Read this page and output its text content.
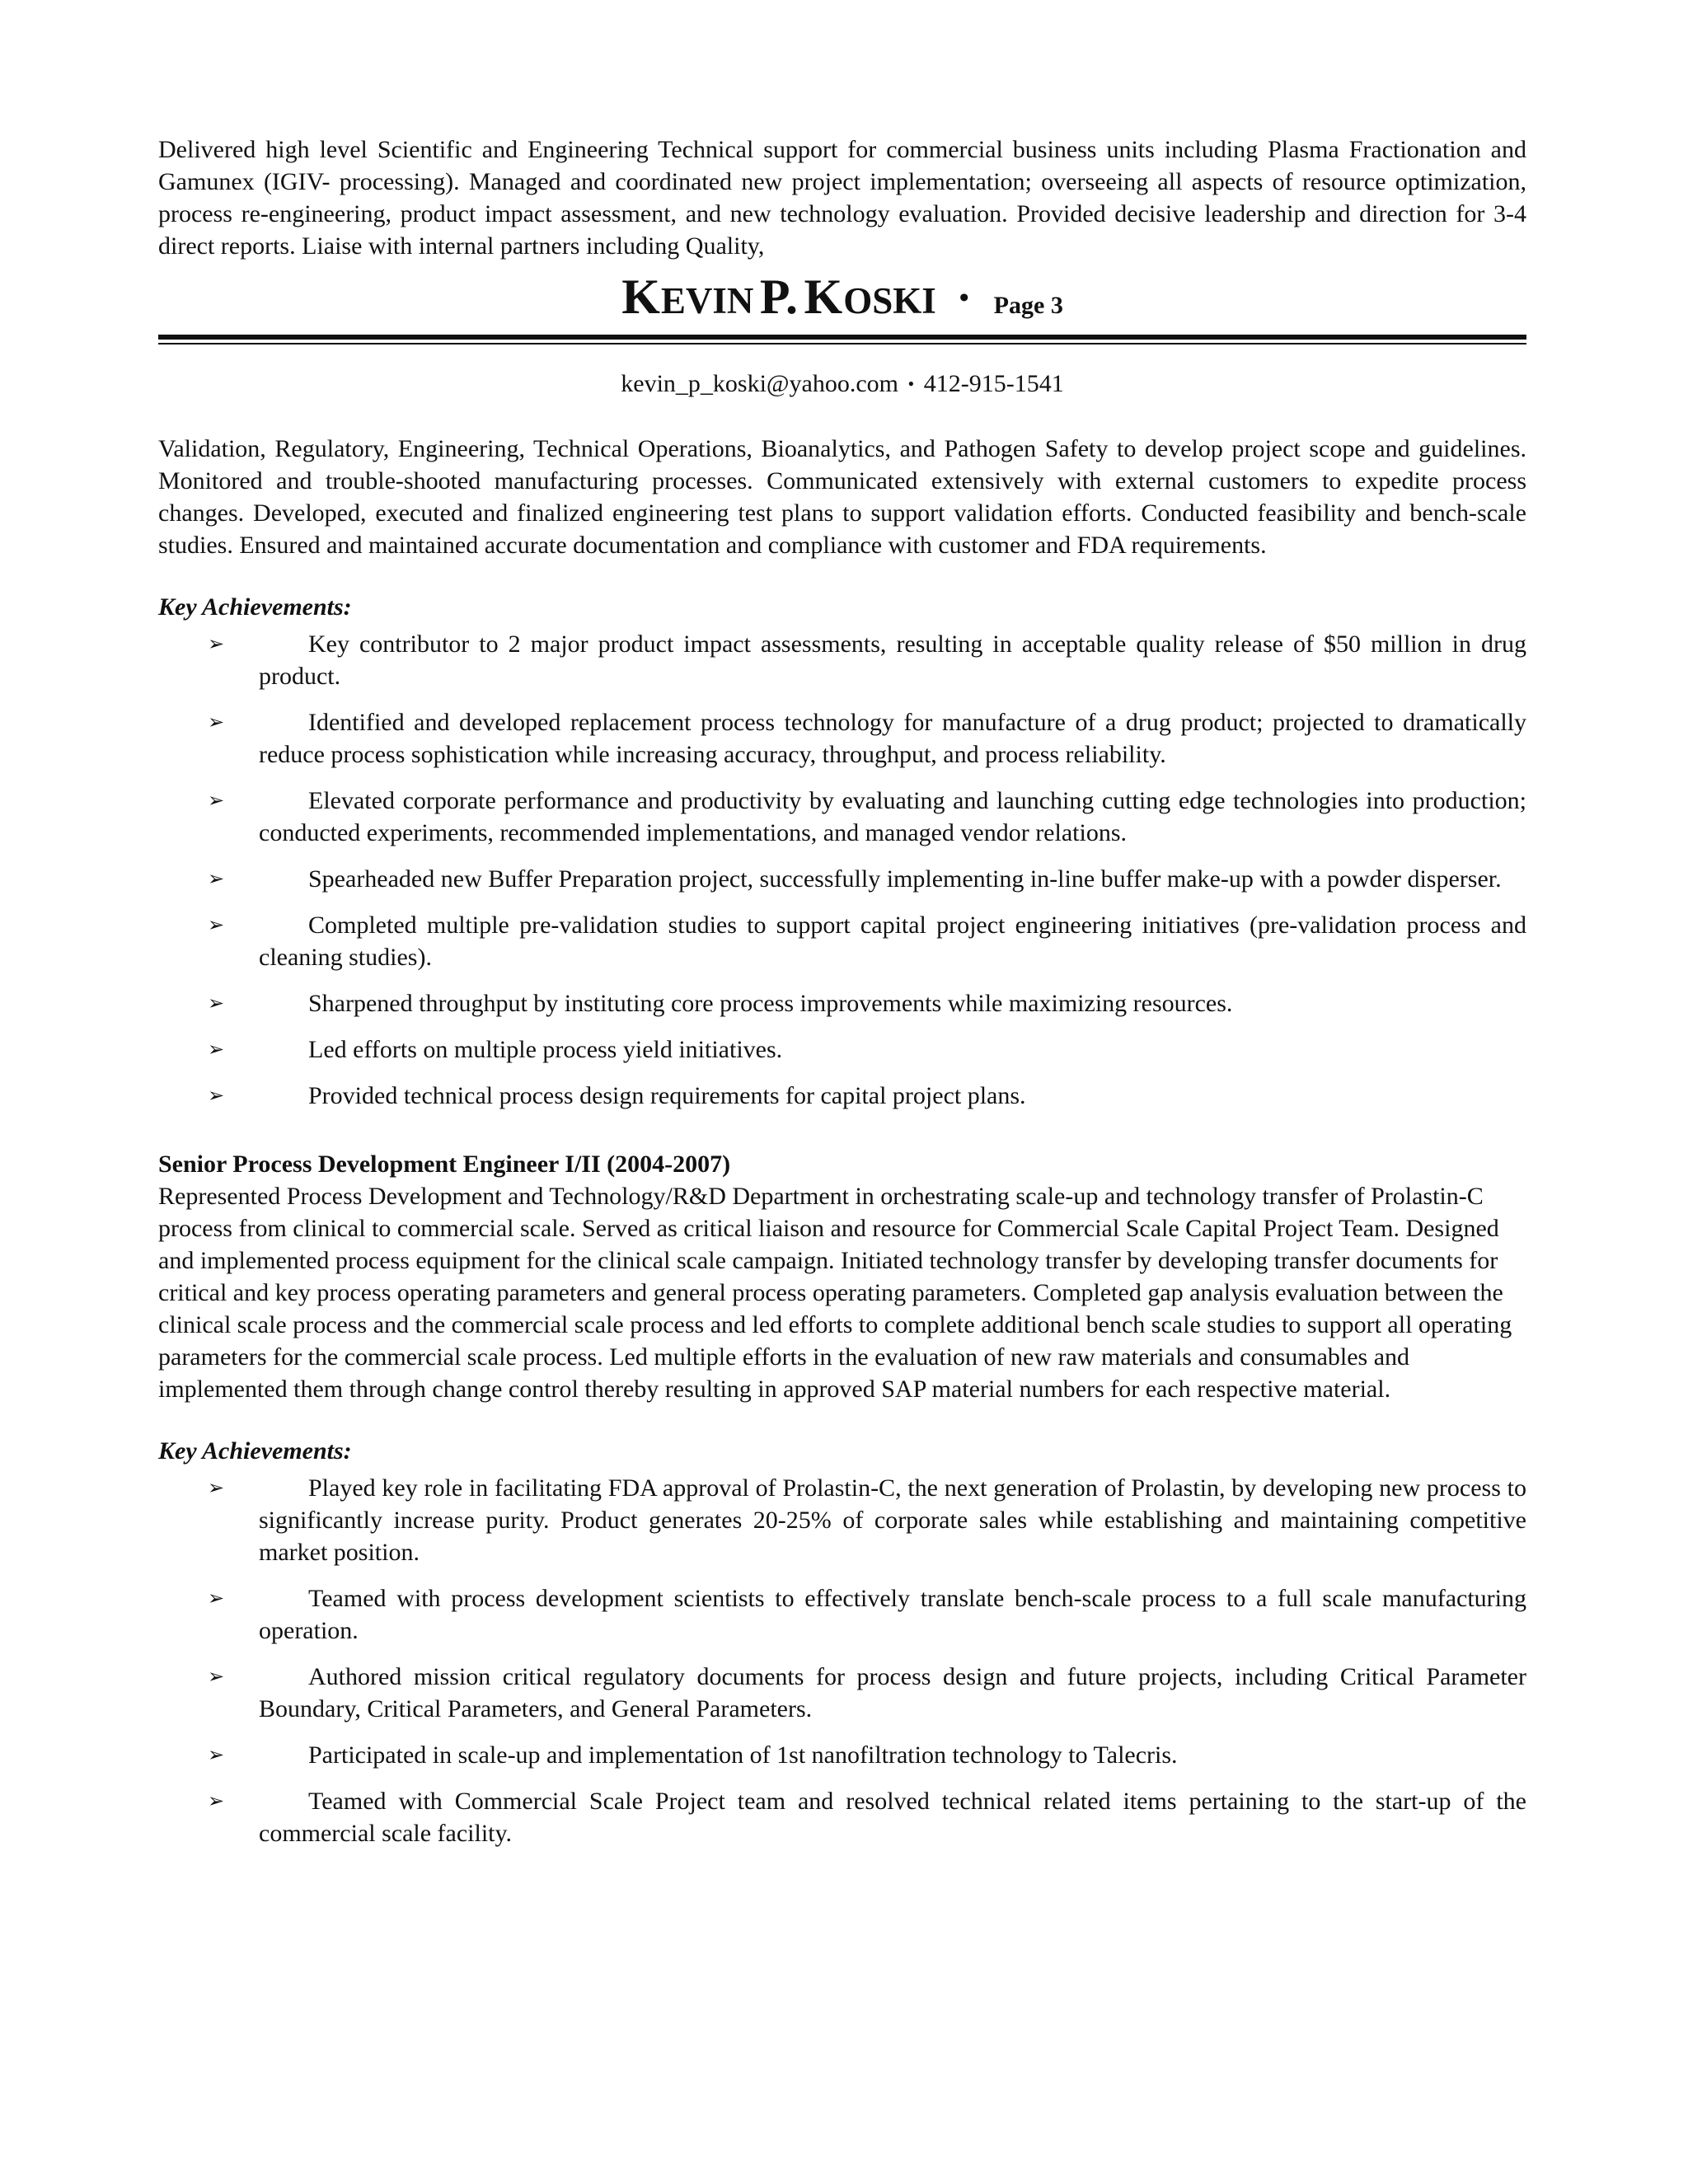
Delivered high level Scientific and Engineering Technical support for commercial business units including Plasma Fractionation and Gamunex (IGIV- processing). Managed and coordinated new project implementation; overseeing all aspects of resource optimization, process re-engineering, product impact assessment, and new technology evaluation. Provided decisive leadership and direction for 3-4 direct reports. Liaise with internal partners including Quality,

KEVIN P. KOSKI • Page 3
kevin_p_koski@yahoo.com • 412-915-1541

Validation, Regulatory, Engineering, Technical Operations, Bioanalytics, and Pathogen Safety to develop project scope and guidelines. Monitored and trouble-shooted manufacturing processes. Communicated extensively with external customers to expedite process changes. Developed, executed and finalized engineering test plans to support validation efforts. Conducted feasibility and bench-scale studies. Ensured and maintained accurate documentation and compliance with customer and FDA requirements.

Key Achievements:

➢	Key contributor to 2 major product impact assessments, resulting in acceptable quality release of $50 million in drug product.
➢	Identified and developed replacement process technology for manufacture of a drug product; projected to dramatically reduce process sophistication while increasing accuracy, throughput, and process reliability.
➢	Elevated corporate performance and productivity by evaluating and launching cutting edge technologies into production; conducted experiments, recommended implementations, and managed vendor relations.
➢	Spearheaded new Buffer Preparation project, successfully implementing in-line buffer make-up with a powder disperser.
➢	Completed multiple pre-validation studies to support capital project engineering initiatives (pre-validation process and cleaning studies).
➢	Sharpened throughput by instituting core process improvements while maximizing resources.
➢	Led efforts on multiple process yield initiatives.
➢	Provided technical process design requirements for capital project plans.

Senior Process Development Engineer I/II (2004-2007)

Represented Process Development and Technology/R&D Department in orchestrating scale-up and technology transfer of Prolastin-C process from clinical to commercial scale. Served as critical liaison and resource for Commercial Scale Capital Project Team. Designed and implemented process equipment for the clinical scale campaign. Initiated technology transfer by developing transfer documents for critical and key process operating parameters and general process operating parameters. Completed gap analysis evaluation between the clinical scale process and the commercial scale process and led efforts to complete additional bench scale studies to support all operating parameters for the commercial scale process. Led multiple efforts in the evaluation of new raw materials and consumables and implemented them through change control thereby resulting in approved SAP material numbers for each respective material.

Key Achievements:

➢	Played key role in facilitating FDA approval of Prolastin-C, the next generation of Prolastin, by developing new process to significantly increase purity. Product generates 20-25% of corporate sales while establishing and maintaining competitive market position.
➢	Teamed with process development scientists to effectively translate bench-scale process to a full scale manufacturing operation.
➢	Authored mission critical regulatory documents for process design and future projects, including Critical Parameter Boundary, Critical Parameters, and General Parameters.
➢	Participated in scale-up and implementation of 1st nanofiltration technology to Talecris.
➢	Teamed with Commercial Scale Project team and resolved technical related items pertaining to the start-up of the commercial scale facility.
